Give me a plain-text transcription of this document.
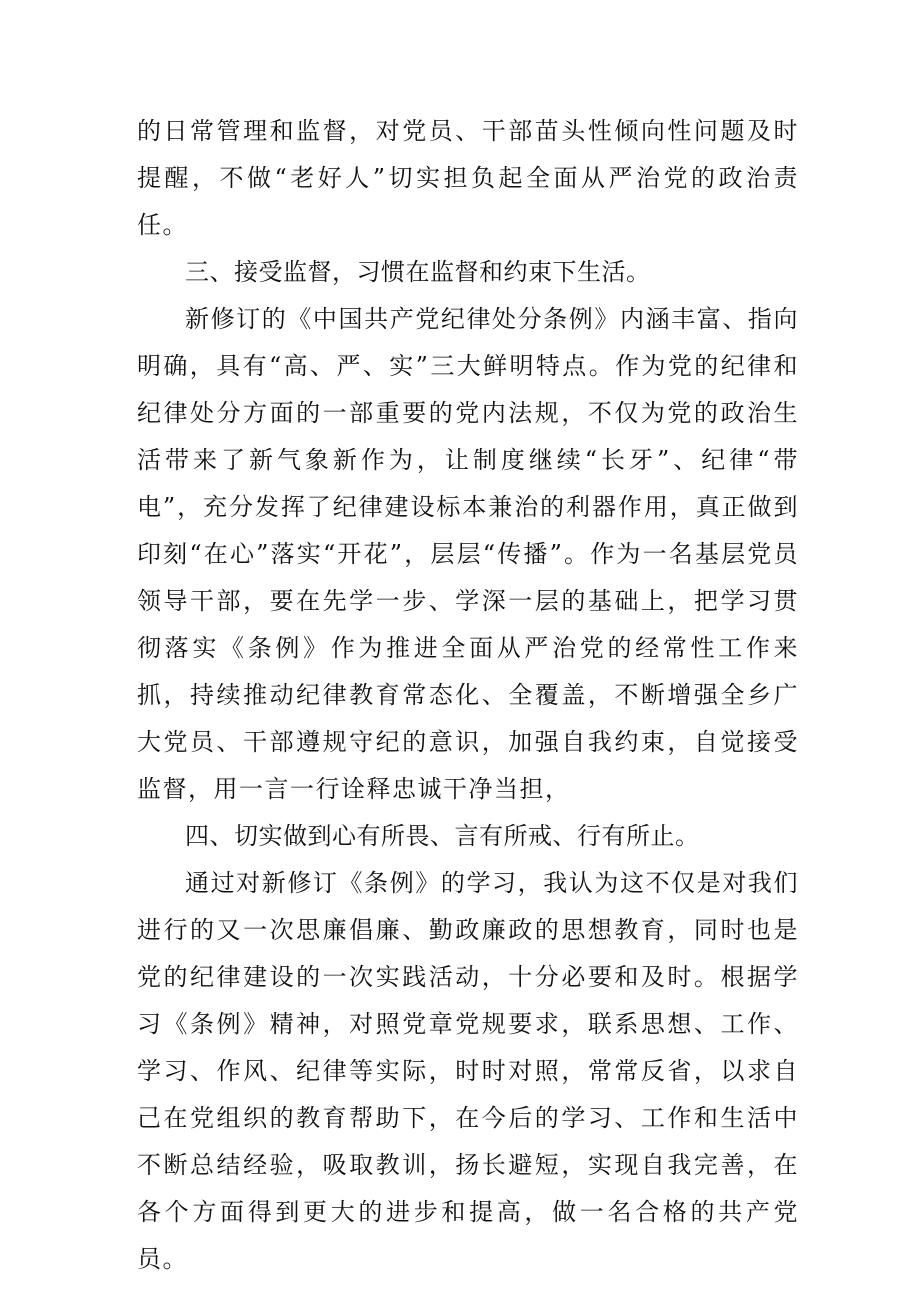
的日常管理和监督，对党员、干部苗头性倾向性问题及时提醒，不做“老好人”切实担负起全面从严治党的政治责任。

三、接受监督，习惯在监督和约束下生活。

新修订的《中国共产党纪律处分条例》内涵丰富、指向明确，具有“高、严、实”三大鲜明特点。作为党的纪律和纪律处分方面的一部重要的党内法规，不仅为党的政治生活带来了新气象新作为，让制度继续“长牙”、纪律“带电”，充分发挥了纪律建设标本兼治的利器作用，真正做到印刻“在心”落实“开花”，层层“传播”。作为一名基层党员领导干部，要在先学一步、学深一层的基础上，把学习贯彻落实《条例》作为推进全面从严治党的经常性工作来抓，持续推动纪律教育常态化、全覆盖，不断增强全乡广大党员、干部遵规守纪的意识，加强自我约束，自觉接受监督，用一言一行诠释忠诚干净当担，

四、切实做到心有所畏、言有所戒、行有所止。

通过对新修订《条例》的学习，我认为这不仅是对我们进行的又一次思廉倡廉、勤政廉政的思想教育，同时也是党的纪律建设的一次实践活动，十分必要和及时。根据学习《条例》精神，对照党章党规要求，联系思想、工作、学习、作风、纪律等实际，时时对照，常常反省，以求自己在党组织的教育帮助下，在今后的学习、工作和生活中不断总结经验，吸取教训，扬长避短，实现自我完善，在各个方面得到更大的进步和提高，做一名合格的共产党员。
